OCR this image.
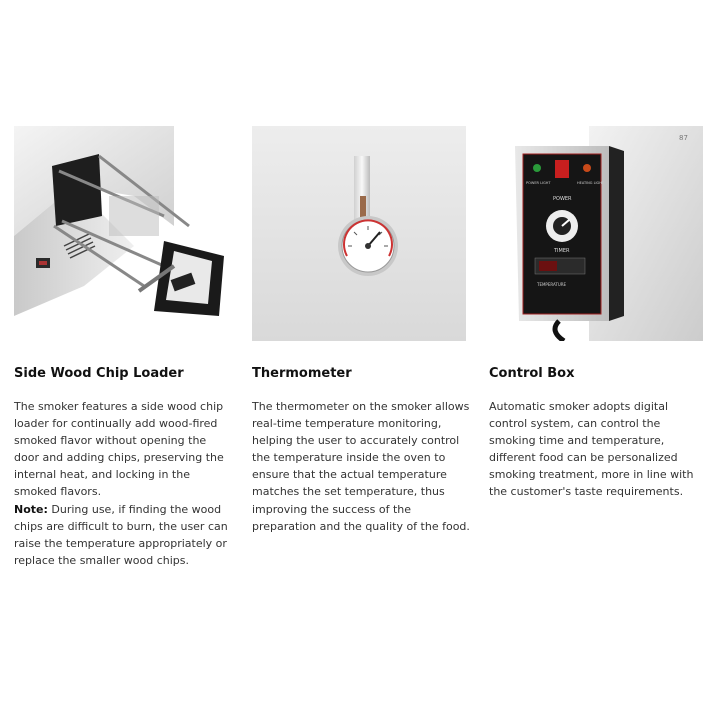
Side Wood Chip Loader
The smoker features a side wood chip loader for continually add wood-fired smoked flavor without opening the door and adding chips, preserving the internal heat, and locking in the smoked flavors.
Note: During use, if finding the wood chips are difficult to burn, the user can raise the temperature appropriately or replace the smaller wood chips.
Thermometer
The thermometer on the smoker allows real-time temperature monitoring, helping the user to accurately control the temperature inside the oven to ensure that the actual temperature matches the set temperature, thus improving the success of the preparation and the quality of the food.
87
POWER LIGHT	HEATING LIGHT
POWER
TIMER
TEMPERATURE
Control Box
Automatic smoker adopts digital control system, can control the smoking time and temperature, different food can be personalized smoking treatment, more in line with the customer's taste requirements.
